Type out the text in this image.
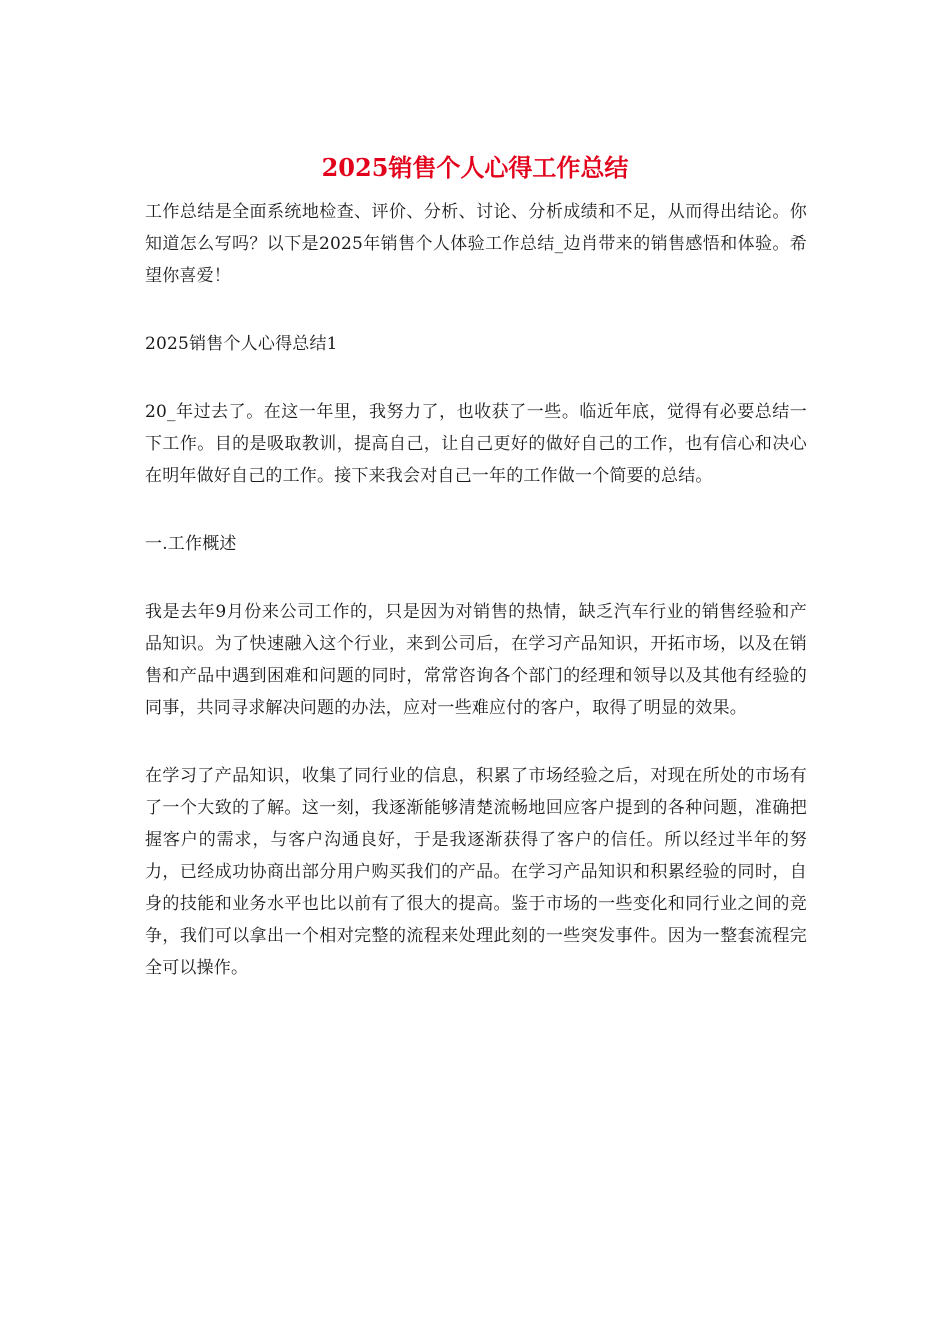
2025销售个人心得工作总结

工作总结是全面系统地检查、评价、分析、讨论、分析成绩和不足，从而得出结论。你知道怎么写吗？以下是2025年销售个人体验工作总结_边肖带来的销售感悟和体验。希望你喜爱！

2025销售个人心得总结1

20_年过去了。在这一年里，我努力了，也收获了一些。临近年底，觉得有必要总结一下工作。目的是吸取教训，提高自己，让自己更好的做好自己的工作，也有信心和决心在明年做好自己的工作。接下来我会对自己一年的工作做一个简要的总结。

一.工作概述

我是去年9月份来公司工作的，只是因为对销售的热情，缺乏汽车行业的销售经验和产品知识。为了快速融入这个行业，来到公司后，在学习产品知识，开拓市场，以及在销售和产品中遇到困难和问题的同时，常常咨询各个部门的经理和领导以及其他有经验的同事，共同寻求解决问题的办法，应对一些难应付的客户，取得了明显的效果。

在学习了产品知识，收集了同行业的信息，积累了市场经验之后，对现在所处的市场有了一个大致的了解。这一刻，我逐渐能够清楚流畅地回应客户提到的各种问题，准确把握客户的需求，与客户沟通良好，于是我逐渐获得了客户的信任。所以经过半年的努力，已经成功协商出部分用户购买我们的产品。在学习产品知识和积累经验的同时，自身的技能和业务水平也比以前有了很大的提高。鉴于市场的一些变化和同行业之间的竞争，我们可以拿出一个相对完整的流程来处理此刻的一些突发事件。因为一整套流程完全可以操作。
